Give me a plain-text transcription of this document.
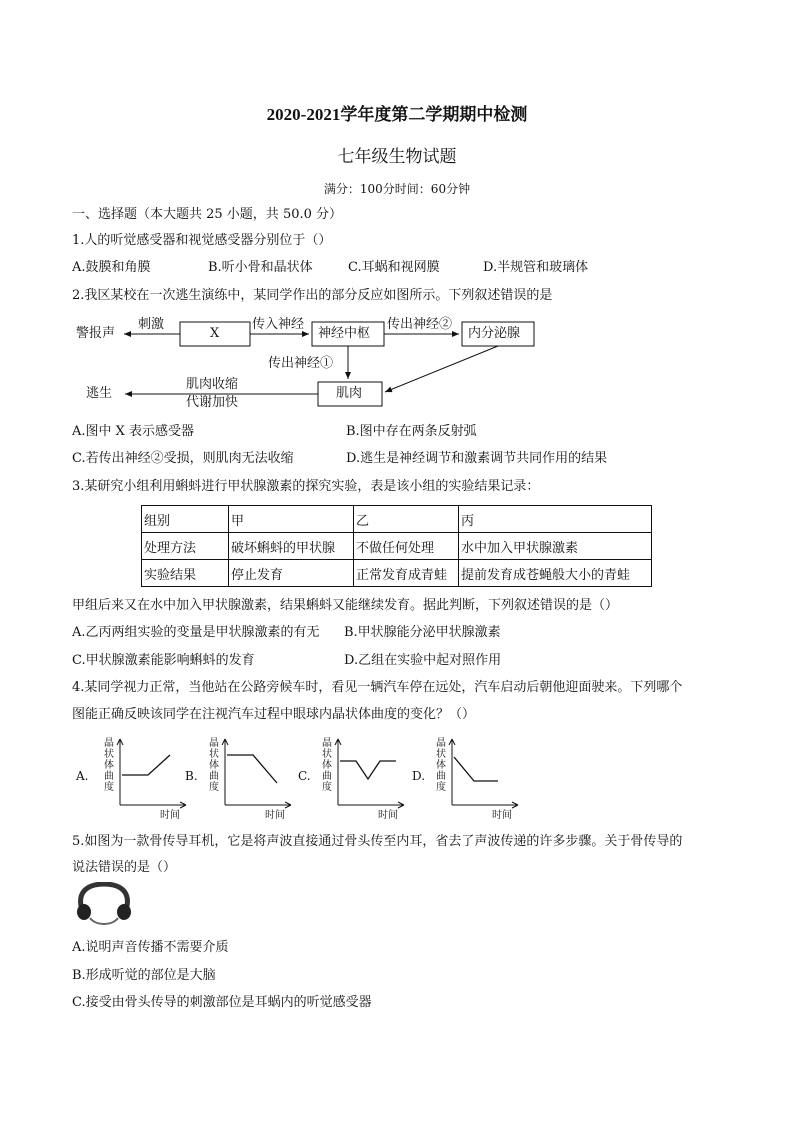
2020-2021学年度第二学期期中检测
七年级生物试题
满分：100分时间：60分钟
一、选择题（本大题共 25 小题，共 50.0 分）
1.人的听觉感受器和视觉感受器分别位于（）
A.鼓膜和角膜	B.听小骨和晶状体	C.耳蜗和视网膜	D.半规管和玻璃体
2.我区某校在一次逃生演练中，某同学作出的部分反应如图所示。下列叙述错误的是
警报声
刺激
X
传入神经
神经中枢
传出神经②
内分泌腺
传出神经①
肌肉
肌肉收缩
代谢加快
逃生
A.图中 X 表示感受器	B.图中存在两条反射弧
C.若传出神经②受损，则肌肉无法收缩	D.逃生是神经调节和激素调节共同作用的结果
3.某研究小组利用蝌蚪进行甲状腺激素的探究实验，表是该小组的实验结果记录：
组别	甲	乙	丙
处理方法	破坏蝌蚪的甲状腺	不做任何处理	水中加入甲状腺激素
实验结果	停止发育	正常发育成青蛙	提前发育成苍蝇般大小的青蛙
甲组后来又在水中加入甲状腺激素，结果蝌蚪又能继续发育。据此判断，下列叙述错误的是（）
A.乙丙两组实验的变量是甲状腺激素的有无 B.甲状腺能分泌甲状腺激素
C.甲状腺激素能影响蝌蚪的发育	D.乙组在实验中起对照作用
4.某同学视力正常，当他站在公路旁候车时，看见一辆汽车停在远处，汽车启动后朝他迎面驶来。下列哪个
图能正确反映该同学在注视汽车过程中眼球内晶状体曲度的变化？（）
A.	B.	C.	D.
晶状体曲度
时间
晶状体曲度
时间
晶状体曲度
时间
晶状体曲度
时间
5.如图为一款骨传导耳机，它是将声波直接通过骨头传至内耳，省去了声波传递的许多步骤。关于骨传导的
说法错误的是（）
A.说明声音传播不需要介质
B.形成听觉的部位是大脑
C.接受由骨头传导的刺激部位是耳蜗内的听觉感受器
